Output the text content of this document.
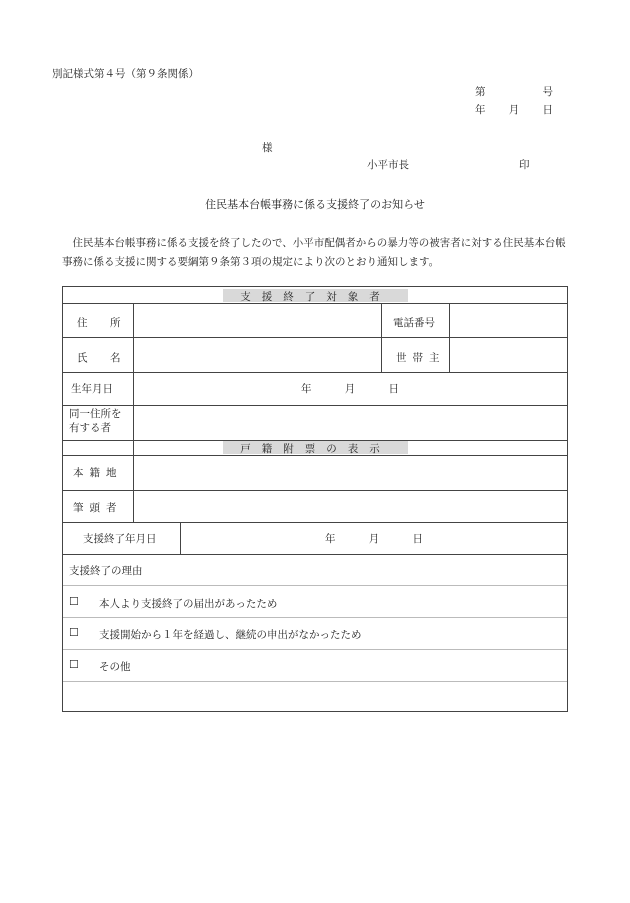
別記様式第４号（第９条関係）
第	号
年 月 日
様
小平市長	印
住民基本台帳事務に係る支援終了のお知らせ
住民基本台帳事務に係る支援を終了したので、小平市配偶者からの暴力等の被害者に対する住民基本台帳事務に係る支援に関する要綱第９条第３項の規定により次のとおり通知します。
支援終了対象者
住　所	電話番号
氏　名	世帯主
生年月日	年	月	日
同一住所を有する者
戸籍附票の表示
本籍地
筆頭者
支援終了年月日	年	月	日
支援終了の理由
☐ 本人より支援終了の届出があったため
☐ 支援開始から１年を経過し、継続の申出がなかったため
☐ その他
